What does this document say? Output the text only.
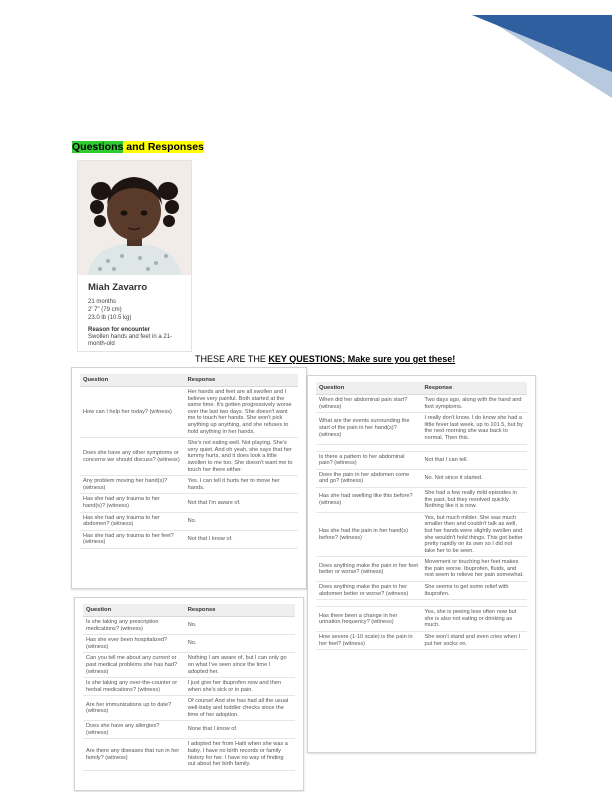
Questions and Responses
Miah Zavarro
21 months
2' 7" (79 cm)
23.0 lb (10.5 kg)
Reason for encounter
Swollen hands and feet in a 21-month-old
THESE ARE THE KEY QUESTIONS; Make sure you get these!
Question	Response
How can I help her today? (witness)	Her hands and feet are all swollen and I believe very painful. Both started at the same time. It's gotten progressively worse over the last two days. She doesn't want me to touch her hands. She won't pick anything up anything, and she refuses to hold anything in her hands.
Does she have any other symptoms or concerns we should discuss? (witness)	She's not eating well. Not playing. She's very quiet. And oh yeah, she says that her tummy hurts, and it does look a little swollen to me too. She doesn't want me to touch her there either.
Any problem moving her hand(s)? (witness)	Yes. I can tell it hurts her to move her hands.
Has she had any trauma to her hand(s)? (witness)	Not that I'm aware of.
Has she had any trauma to her abdomen? (witness)	No.
Has she had any trauma to her feet? (witness)	Not that I know of.
Question	Response
Is she taking any prescription medications? (witness)	No.
Has she ever been hospitalized? (witness)	No.
Can you tell me about any current or past medical problems she has had? (witness)	Nothing I am aware of, but I can only go on what I've seen since the time I adopted her.
Is she taking any over-the-counter or herbal medications? (witness)	I just give her ibuprofen now and then when she's sick or in pain.
Are her immunizations up to date? (witness)	Of course! And she has had all the usual well-baby and toddler checks since the time of her adoption.
Does she have any allergies? (witness)	None that I know of.
Are there any diseases that run in her family? (witness)	I adopted her from Haiti when she was a baby. I have no birth records or family history for her. I have no way of finding out about her birth family.
Question	Response
When did her abdominal pain start? (witness)	Two days ago, along with the hand and foot symptoms.
What are the events surrounding the start of the pain in her hand(s)? (witness)	I really don't know. I do know she had a little fever last week, up to 101.5, but by the next morning she was back to normal. Then this.

Is there a pattern to her abdominal pain? (witness)	Not that I can tell.
Does the pain in her abdomen come and go? (witness)	No. Not since it started.
Has she had swelling like this before? (witness)	She had a few really mild episodes in the past, but they resolved quickly. Nothing like it is now.
Has she had the pain in her hand(s) before? (witness)	Yes, but much milder. She was much smaller then and couldn't talk as well, but her hands were slightly swollen and she wouldn't hold things. This got better pretty rapidly on its own so I did not take her to be seen.
Does anything make the pain in her feet better or worse? (witness)	Movement or touching her feet makes the pain worse. Ibuprofen, fluids, and rest seem to relieve her pain somewhat.
Does anything make the pain in her abdomen better or worse? (witness)	She seems to get some relief with ibuprofen.

Has there been a change in her urination frequency? (witness)	Yes, she is peeing less often now but she is also not eating or drinking as much.
How severe (1-10 scale) is the pain in her feet? (witness)	She won't stand and even cries when I put her socks on.
